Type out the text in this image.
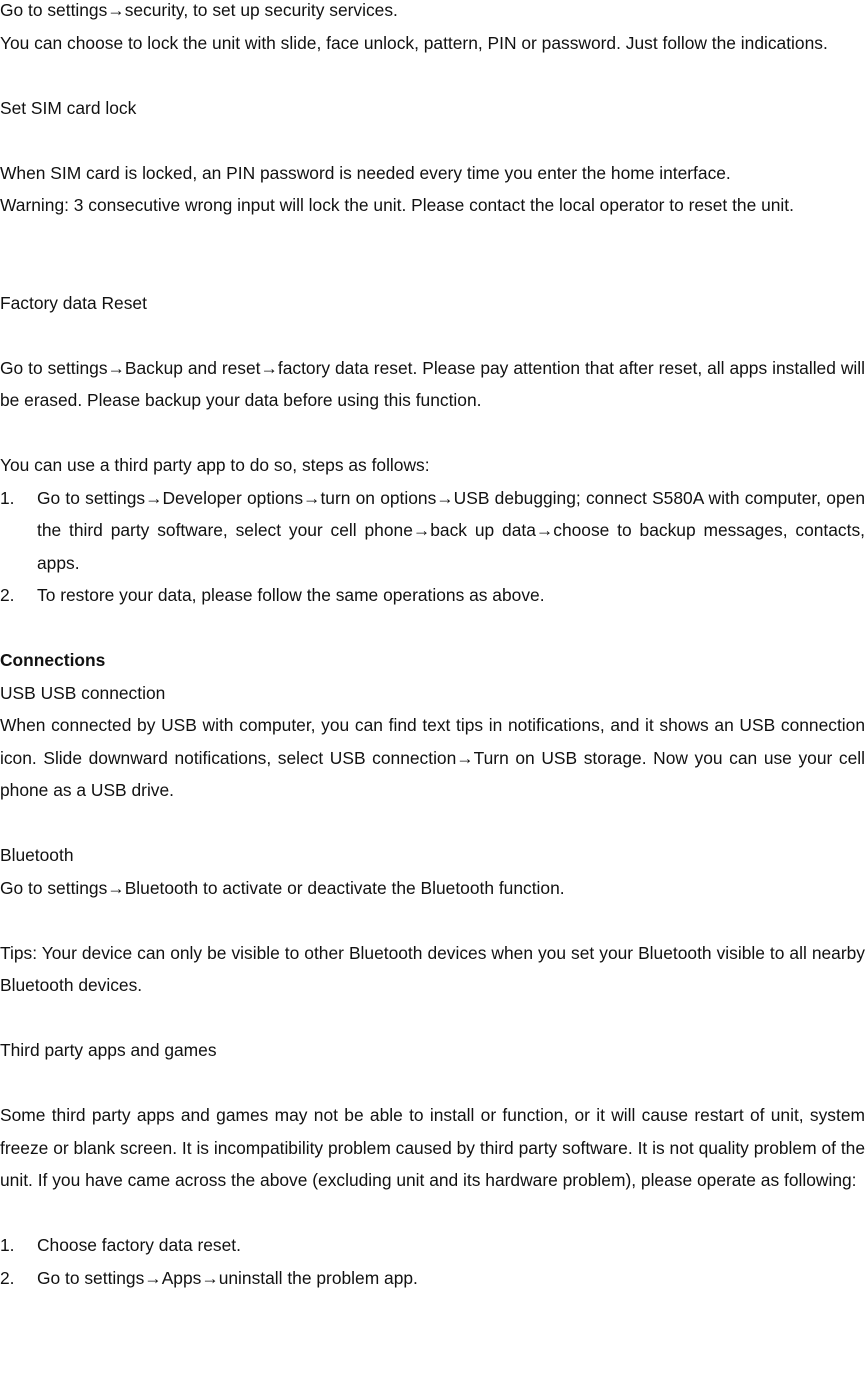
Go to settings→security, to set up security services.
You can choose to lock the unit with slide, face unlock, pattern, PIN or password. Just follow the indications.
Set SIM card lock
When SIM card is locked, an PIN password is needed every time you enter the home interface.
Warning: 3 consecutive wrong input will lock the unit. Please contact the local operator to reset the unit.
Factory data Reset
Go to settings→Backup and reset→factory data reset. Please pay attention that after reset, all apps installed will be erased. Please backup your data before using this function.
You can use a third party app to do so, steps as follows:
1. Go to settings→Developer options→turn on options→USB debugging; connect S580A with computer, open the third party software, select your cell phone→back up data→choose to backup messages, contacts, apps.
2. To restore your data, please follow the same operations as above.
Connections
USB USB connection
When connected by USB with computer, you can find text tips in notifications, and it shows an USB connection icon. Slide downward notifications, select USB connection→Turn on USB storage. Now you can use your cell phone as a USB drive.
Bluetooth
Go to settings→Bluetooth to activate or deactivate the Bluetooth function.
Tips: Your device can only be visible to other Bluetooth devices when you set your Bluetooth visible to all nearby Bluetooth devices.
Third party apps and games
Some third party apps and games may not be able to install or function, or it will cause restart of unit, system freeze or blank screen. It is incompatibility problem caused by third party software. It is not quality problem of the unit. If you have came across the above (excluding unit and its hardware problem), please operate as following:
1. Choose factory data reset.
2. Go to settings→Apps→uninstall the problem app.
